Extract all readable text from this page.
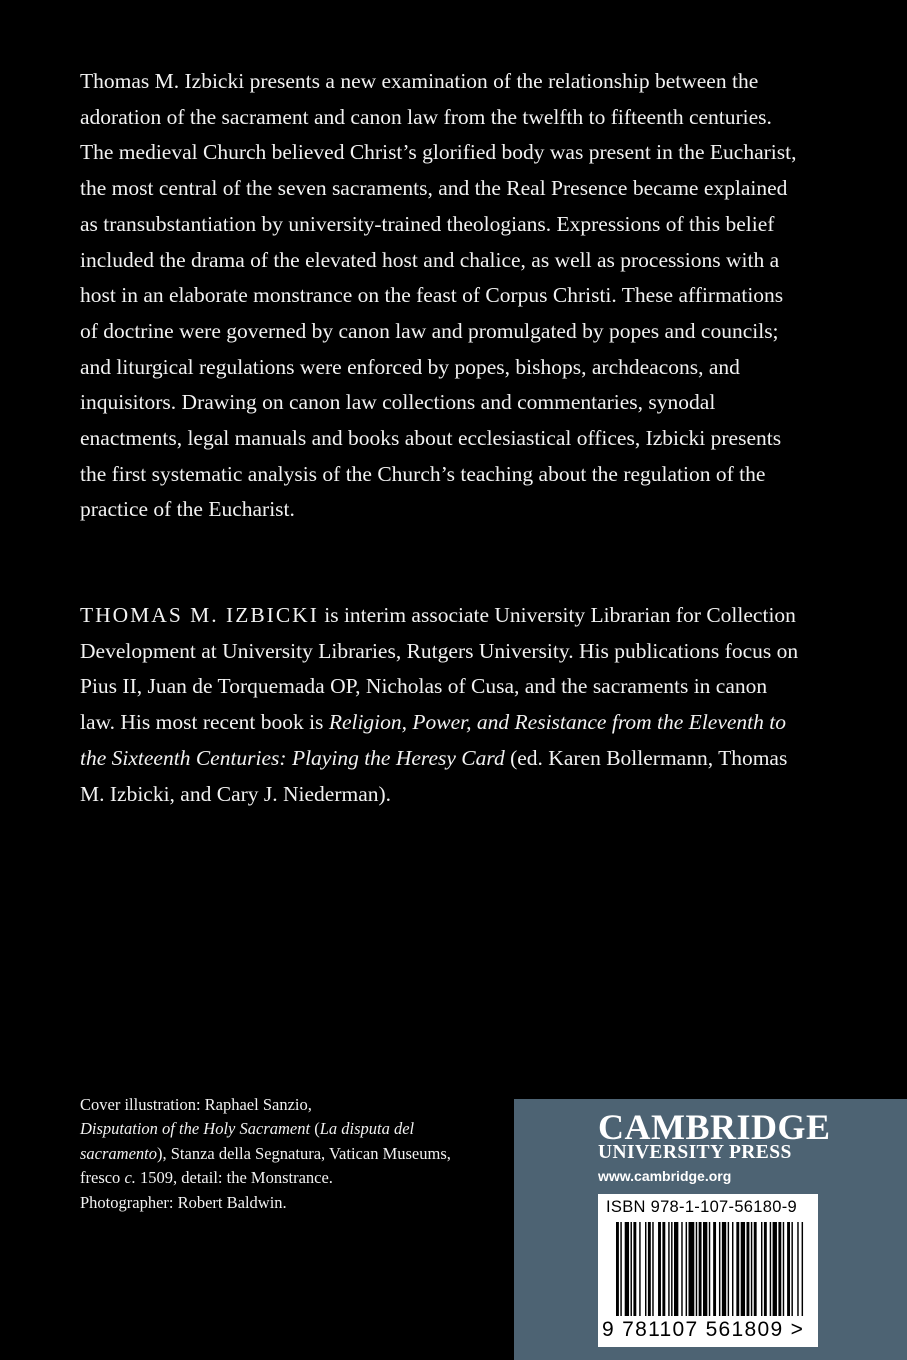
Thomas M. Izbicki presents a new examination of the relationship between the adoration of the sacrament and canon law from the twelfth to fifteenth centuries. The medieval Church believed Christ’s glorified body was present in the Eucharist, the most central of the seven sacraments, and the Real Presence became explained as transubstantiation by university-trained theologians. Expressions of this belief included the drama of the elevated host and chalice, as well as processions with a host in an elaborate monstrance on the feast of Corpus Christi. These affirmations of doctrine were governed by canon law and promulgated by popes and councils; and liturgical regulations were enforced by popes, bishops, archdeacons, and inquisitors. Drawing on canon law collections and commentaries, synodal enactments, legal manuals and books about ecclesiastical offices, Izbicki presents the first systematic analysis of the Church’s teaching about the regulation of the practice of the Eucharist.

THOMAS M. IZBICKI is interim associate University Librarian for Collection Development at University Libraries, Rutgers University. His publications focus on Pius II, Juan de Torquemada OP, Nicholas of Cusa, and the sacraments in canon law. His most recent book is Religion, Power, and Resistance from the Eleventh to the Sixteenth Centuries: Playing the Heresy Card (ed. Karen Bollermann, Thomas M. Izbicki, and Cary J. Niederman).

Cover illustration: Raphael Sanzio,
Disputation of the Holy Sacrament (La disputa del sacramento), Stanza della Segnatura, Vatican Museums, fresco c. 1509, detail: the Monstrance.
Photographer: Robert Baldwin.

CAMBRIDGE

UNIVERSITY PRESS

www.cambridge.org

ISBN 978-1-107-56180-9

9 781107 561809 >
